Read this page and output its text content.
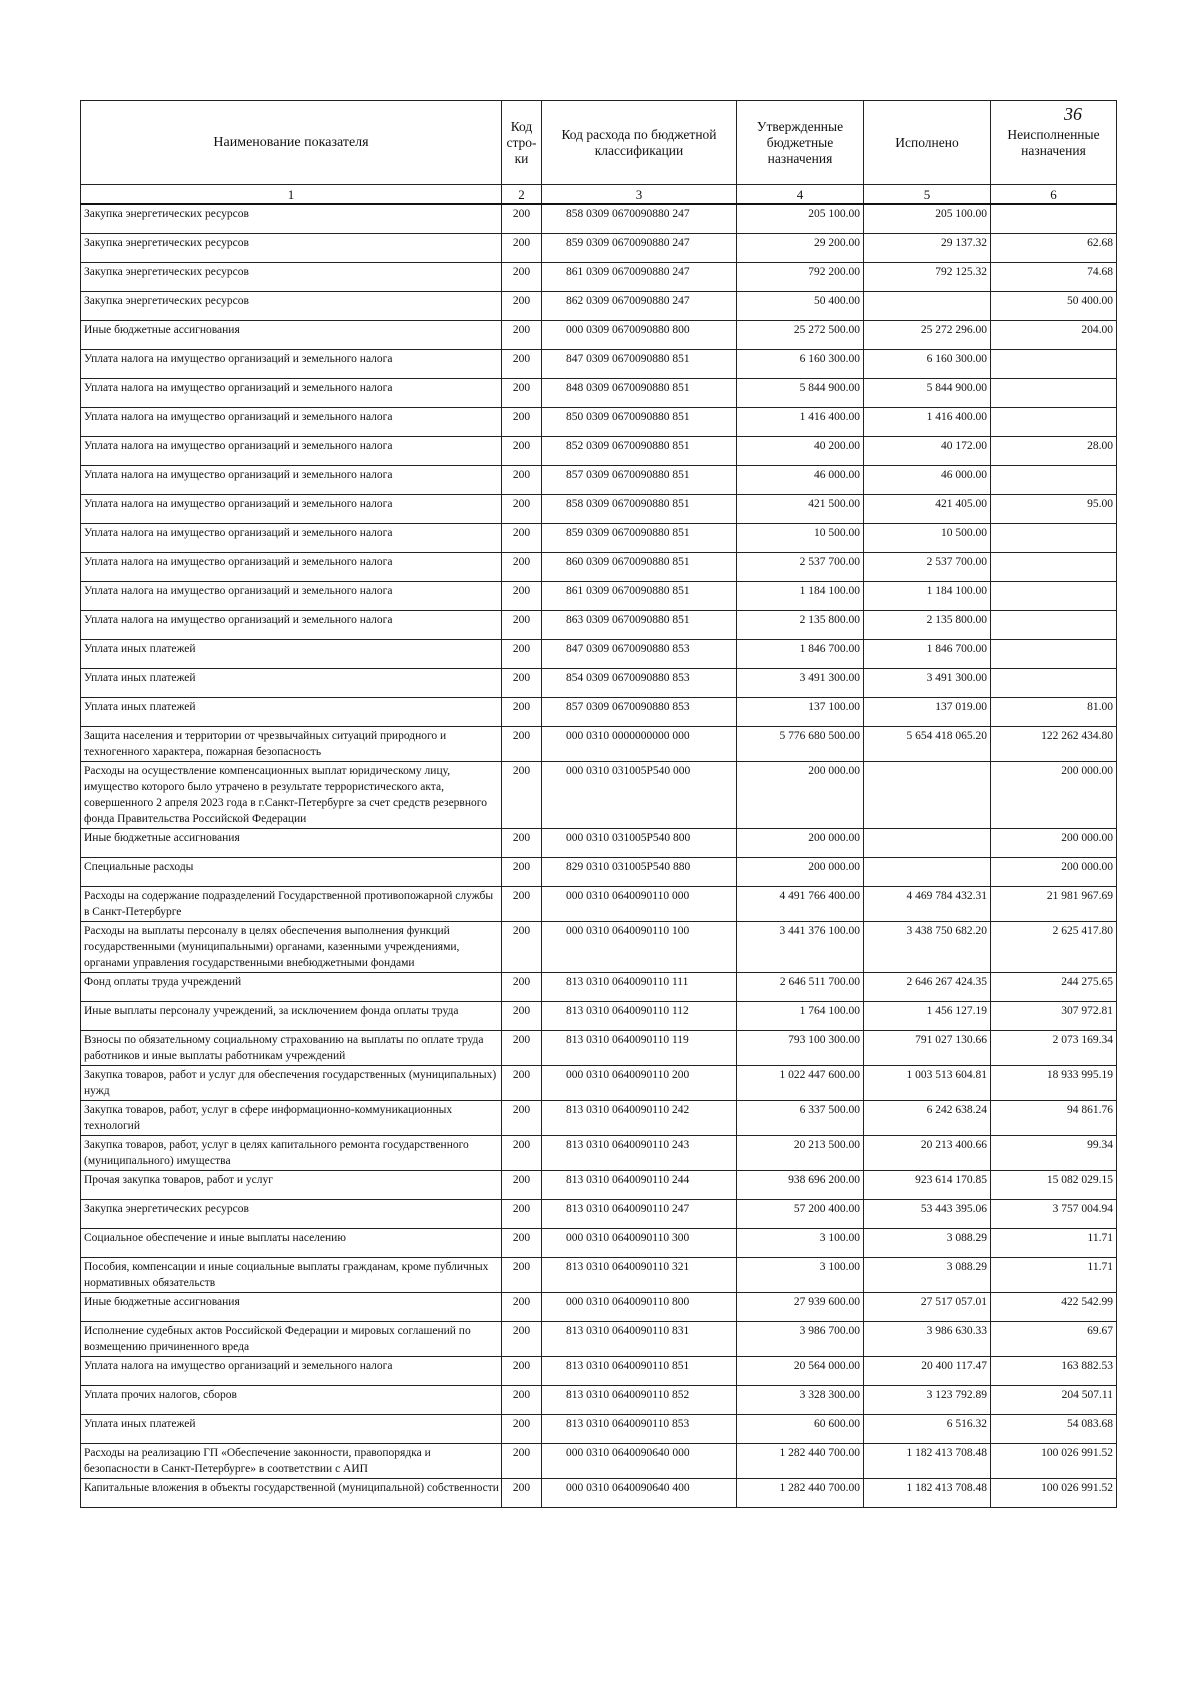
36
Наименование показателя	Код стро-ки	Код расхода по бюджетной классификации	Утвержденные бюджетные назначения	Исполнено	Неисполненные назначения
1	2	3	4	5	6
Закупка энергетических ресурсов	200	858 0309 0670090880 247	205 100.00	205 100.00	
Закупка энергетических ресурсов	200	859 0309 0670090880 247	29 200.00	29 137.32	62.68
Закупка энергетических ресурсов	200	861 0309 0670090880 247	792 200.00	792 125.32	74.68
Закупка энергетических ресурсов	200	862 0309 0670090880 247	50 400.00		50 400.00
Иные бюджетные ассигнования	200	000 0309 0670090880 800	25 272 500.00	25 272 296.00	204.00
Уплата налога на имущество организаций и земельного налога	200	847 0309 0670090880 851	6 160 300.00	6 160 300.00	
Уплата налога на имущество организаций и земельного налога	200	848 0309 0670090880 851	5 844 900.00	5 844 900.00	
Уплата налога на имущество организаций и земельного налога	200	850 0309 0670090880 851	1 416 400.00	1 416 400.00	
Уплата налога на имущество организаций и земельного налога	200	852 0309 0670090880 851	40 200.00	40 172.00	28.00
Уплата налога на имущество организаций и земельного налога	200	857 0309 0670090880 851	46 000.00	46 000.00	
Уплата налога на имущество организаций и земельного налога	200	858 0309 0670090880 851	421 500.00	421 405.00	95.00
Уплата налога на имущество организаций и земельного налога	200	859 0309 0670090880 851	10 500.00	10 500.00	
Уплата налога на имущество организаций и земельного налога	200	860 0309 0670090880 851	2 537 700.00	2 537 700.00	
Уплата налога на имущество организаций и земельного налога	200	861 0309 0670090880 851	1 184 100.00	1 184 100.00	
Уплата налога на имущество организаций и земельного налога	200	863 0309 0670090880 851	2 135 800.00	2 135 800.00	
Уплата иных платежей	200	847 0309 0670090880 853	1 846 700.00	1 846 700.00	
Уплата иных платежей	200	854 0309 0670090880 853	3 491 300.00	3 491 300.00	
Уплата иных платежей	200	857 0309 0670090880 853	137 100.00	137 019.00	81.00
Защита населения и территории от чрезвычайных ситуаций природного и техногенного характера, пожарная безопасность	200	000 0310 0000000000 000	5 776 680 500.00	5 654 418 065.20	122 262 434.80
Расходы на осуществление компенсационных выплат юридическому лицу, имущество которого было утрачено в результате террористического акта, совершенного 2 апреля 2023 года в г.Санкт-Петербурге за счет средств резервного фонда Правительства Российской Федерации	200	000 0310 031005P540 000	200 000.00		200 000.00
Иные бюджетные ассигнования	200	000 0310 031005P540 800	200 000.00		200 000.00
Специальные расходы	200	829 0310 031005P540 880	200 000.00		200 000.00
Расходы на содержание подразделений Государственной противопожарной службы в Санкт-Петербурге	200	000 0310 0640090110 000	4 491 766 400.00	4 469 784 432.31	21 981 967.69
Расходы на выплаты персоналу в целях обеспечения выполнения функций государственными (муниципальными) органами, казенными учреждениями, органами управления государственными внебюджетными фондами	200	000 0310 0640090110 100	3 441 376 100.00	3 438 750 682.20	2 625 417.80
Фонд оплаты труда учреждений	200	813 0310 0640090110 111	2 646 511 700.00	2 646 267 424.35	244 275.65
Иные выплаты персоналу учреждений, за исключением фонда оплаты труда	200	813 0310 0640090110 112	1 764 100.00	1 456 127.19	307 972.81
Взносы по обязательному социальному страхованию на выплаты по оплате труда работников и иные выплаты работникам учреждений	200	813 0310 0640090110 119	793 100 300.00	791 027 130.66	2 073 169.34
Закупка товаров, работ и услуг для обеспечения государственных (муниципальных) нужд	200	000 0310 0640090110 200	1 022 447 600.00	1 003 513 604.81	18 933 995.19
Закупка товаров, работ, услуг в сфере информационно-коммуникационных технологий	200	813 0310 0640090110 242	6 337 500.00	6 242 638.24	94 861.76
Закупка товаров, работ, услуг в целях капитального ремонта государственного (муниципального) имущества	200	813 0310 0640090110 243	20 213 500.00	20 213 400.66	99.34
Прочая закупка товаров, работ и услуг	200	813 0310 0640090110 244	938 696 200.00	923 614 170.85	15 082 029.15
Закупка энергетических ресурсов	200	813 0310 0640090110 247	57 200 400.00	53 443 395.06	3 757 004.94
Социальное обеспечение и иные выплаты населению	200	000 0310 0640090110 300	3 100.00	3 088.29	11.71
Пособия, компенсации и иные социальные выплаты гражданам, кроме публичных нормативных обязательств	200	813 0310 0640090110 321	3 100.00	3 088.29	11.71
Иные бюджетные ассигнования	200	000 0310 0640090110 800	27 939 600.00	27 517 057.01	422 542.99
Исполнение судебных актов Российской Федерации и мировых соглашений по возмещению причиненного вреда	200	813 0310 0640090110 831	3 986 700.00	3 986 630.33	69.67
Уплата налога на имущество организаций и земельного налога	200	813 0310 0640090110 851	20 564 000.00	20 400 117.47	163 882.53
Уплата прочих налогов, сборов	200	813 0310 0640090110 852	3 328 300.00	3 123 792.89	204 507.11
Уплата иных платежей	200	813 0310 0640090110 853	60 600.00	6 516.32	54 083.68
Расходы на реализацию ГП «Обеспечение законности, правопорядка и безопасности в Санкт-Петербурге» в соответствии с АИП	200	000 0310 0640090640 000	1 282 440 700.00	1 182 413 708.48	100 026 991.52
Капитальные вложения в объекты государственной (муниципальной) собственности	200	000 0310 0640090640 400	1 282 440 700.00	1 182 413 708.48	100 026 991.52
